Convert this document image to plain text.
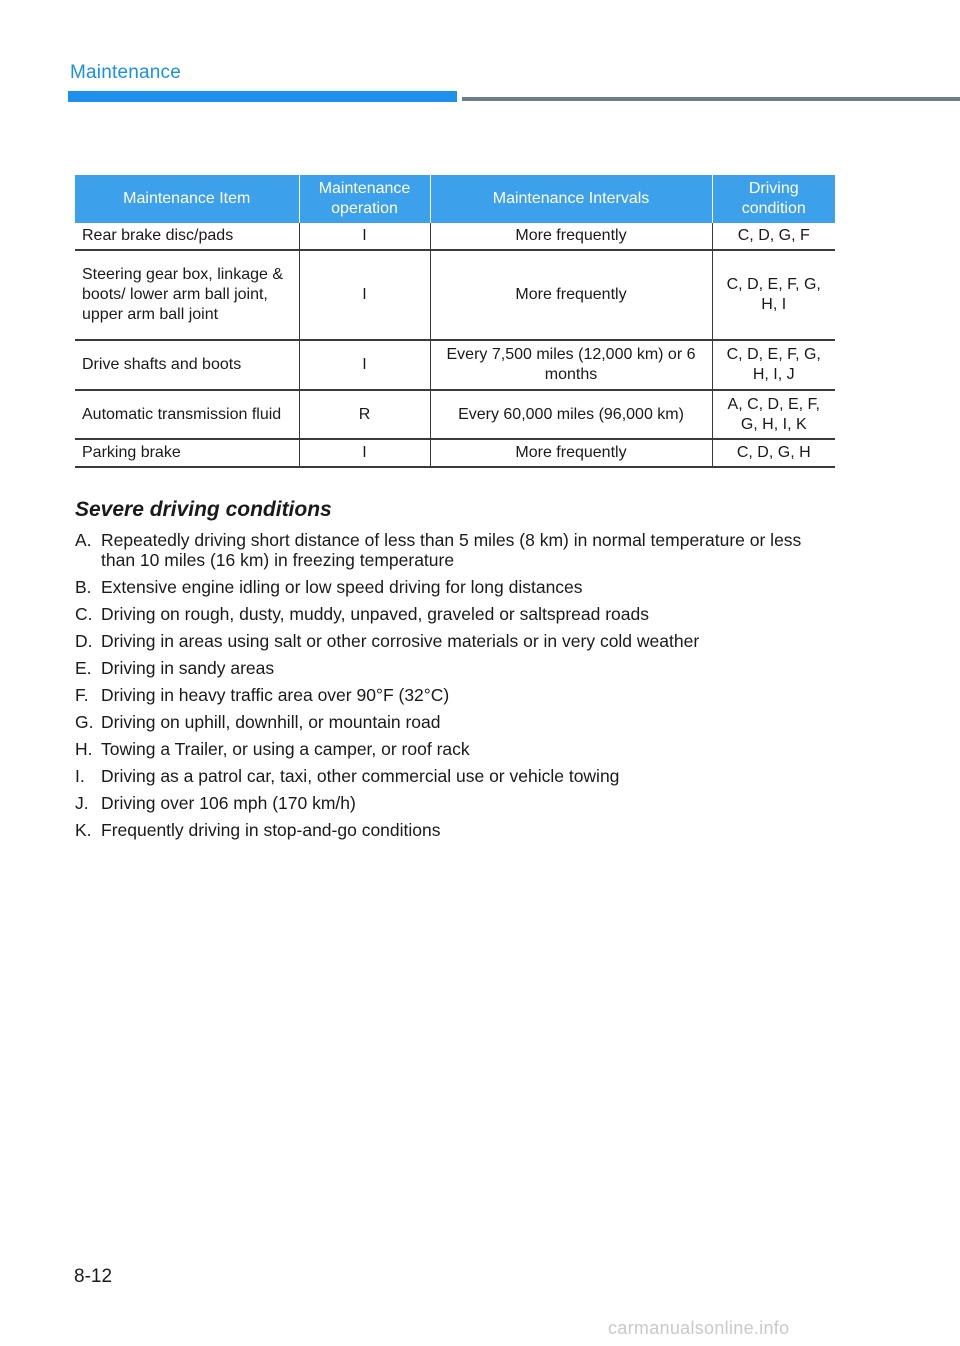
Maintenance
Maintenance Item	Maintenance operation	Maintenance Intervals	Driving condition
Rear brake disc/pads	I	More frequently	C, D, G, F
Steering gear box, linkage & boots/ lower arm ball joint, upper arm ball joint	I	More frequently	C, D, E, F, G, H, I
Drive shafts and boots	I	Every 7,500 miles (12,000 km) or 6 months	C, D, E, F, G, H, I, J
Automatic transmission fluid	R	Every 60,000 miles (96,000 km)	A, C, D, E, F, G, H, I, K
Parking brake	I	More frequently	C, D, G, H
Severe driving conditions
A. Repeatedly driving short distance of less than 5 miles (8 km) in normal temperature or less than 10 miles (16 km) in freezing temperature
B. Extensive engine idling or low speed driving for long distances
C. Driving on rough, dusty, muddy, unpaved, graveled or saltspread roads
D. Driving in areas using salt or other corrosive materials or in very cold weather
E. Driving in sandy areas
F. Driving in heavy traffic area over 90°F (32°C)
G. Driving on uphill, downhill, or mountain road
H. Towing a Trailer, or using a camper, or roof rack
I. Driving as a patrol car, taxi, other commercial use or vehicle towing
J. Driving over 106 mph (170 km/h)
K. Frequently driving in stop-and-go conditions
8-12
carmanualsonline.info
